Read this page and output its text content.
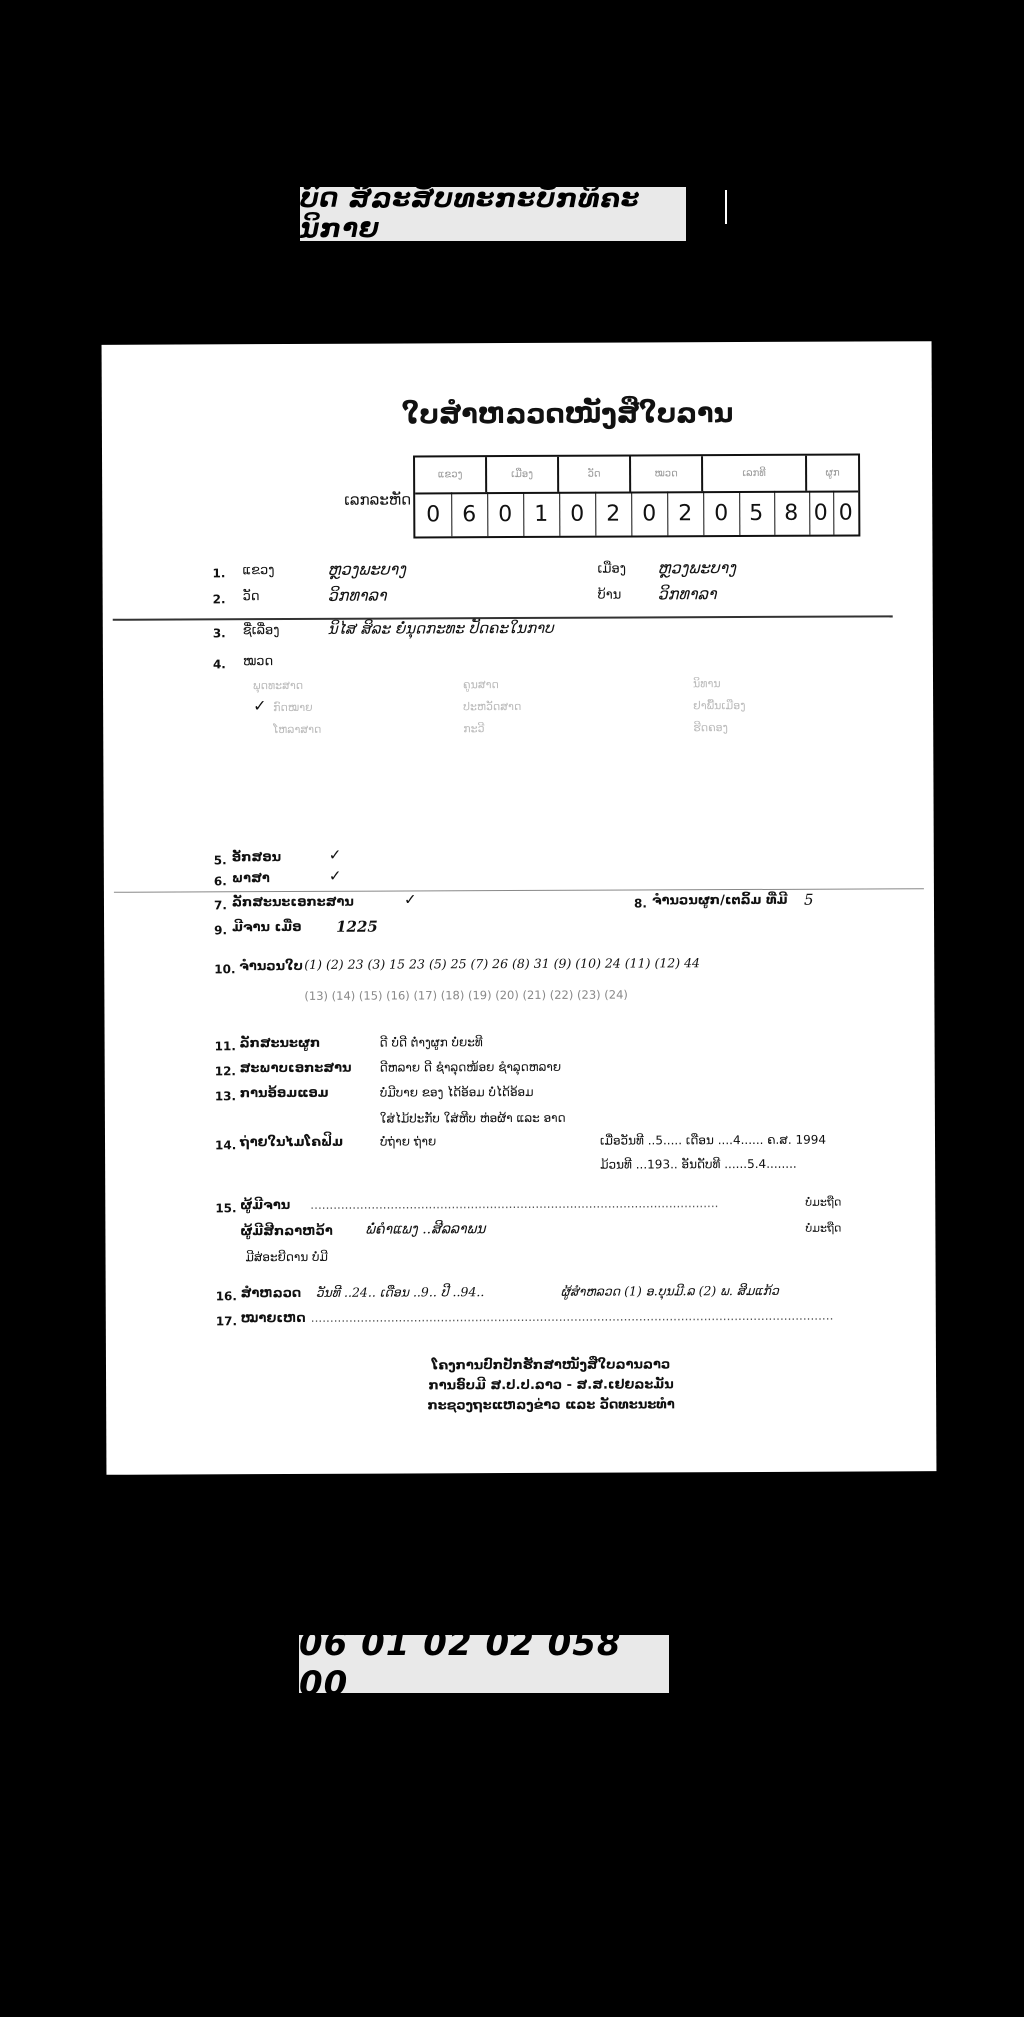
ບົດ ສິລະສັບທະກະບັກທິຄະນິກາຍ
ໃບສຳຫລວດໜັງສືໃບລານ
ເລກລະຫັດ
ແຂວງ	ເມືອງ	ວັດ	ໝວດ	ເລກທີ	ຜູກ
0 6 0 1 0 2 0 2 0 5 8 0 0
1. ແຂວງ	ຫຼວງພະບາງ	ເມືອງ ຫຼວງພະບາງ
2. ວັດ	ວິກທາລາ	ບ້ານ ວິກທາລາ
3. ຊື່ເລື່ອງ	ນິໄສ ສິລະ ຍໍ່ນຸດກະທະ ປັດຄະໃນກາບ
4. ໝວດ
ພຸດທະສາດ	ຄູນສາດ	ນິທານ
✓ ກົດໝາຍ	ປະຫວັດສາດ	ຢາພື້ນເມືອງ
ໂຫລາສາດ	ກະວີ	ຮີດຄອງ
5. ອັກສອນ	✓
6. ພາສາ	✓
7. ລັກສະນະເອກະສານ	✓	8. ຈຳນວນຜູກ/ເຕລິ້ມ ທີ່ມີ 5
9. ມີຈານ ເມື່ອ 1225
10. ຈຳນວນໃບ (1) (2) 23 (3) 15 23 (5) 25 (7) 26 (8) 31 (9) (10) 24 (11) (12) 44
(13) (14) (15) (16) (17) (18) (19) (20) (21) (22) (23) (24)
11. ລັກສະນະຜູກ	ດີ ບໍ່ດີ ຕ່ຳງຜູກ ບໍ່ຍະທີ
12. ສະພາບເອກະສານ ດີຫລາຍ ດີ ຊຳລຸດໜ້ອຍ ຊຳລຸດຫລາຍ
13. ການອ້ອມແອມ	ບໍ່ມີບາຍ ຂອງ ໄດ້ອ້ອມ ບໍ່ໄດ້ອ້ອມ
ໃສ່ໄມ້ປະກັບ ໃສ່ຫີບ ຫ່ອຜ້າ ແລະ ອາດ
14. ຖ່າຍໃນໄມໂຄຟິມ	ບໍ່ຖ່າຍ ຖ່າຍ	ເມື່ອວັນທີ ..5..... ເດືອນ ....4...... ຄ.ສ. 1994
ມ້ວນທີ ...193.. ອັນດັບທີ ......5.4........
15. ຜູ້ມີຈານ ...........................................................................................................	ບໍ່ມະຖືດ
ຜູ້ມີສີກລາຫວ້າ ພໍ່ຄຳແພງ ..ສີລລາພນ	ບໍ່ມະຖືດ
ມີສ່ອະຍີດານ ບໍ່ມີ
16. ສຳຫລວດ ວັນທີ ..24.. ເດືອນ ..9.. ປີ ..94..	ຜູ້ສຳຫລວດ (1) ອ.ບຸນມີ.ລ (2) ພ. ສິມແກ້ວ
17. ໝາຍເຫດ .........................................................................................................................................
ໂຄງການປົກປັກຮັກສາໜັງສືໃບລານລາວ
ການອົບມີ ສ.ປ.ປ.ລາວ - ສ.ສ.ເຢຍລະມັນ
ກະຊວງຖະແຫລງຂ່າວ ແລະ ວັດທະນະທຳ
06 01 02 02 058 00
